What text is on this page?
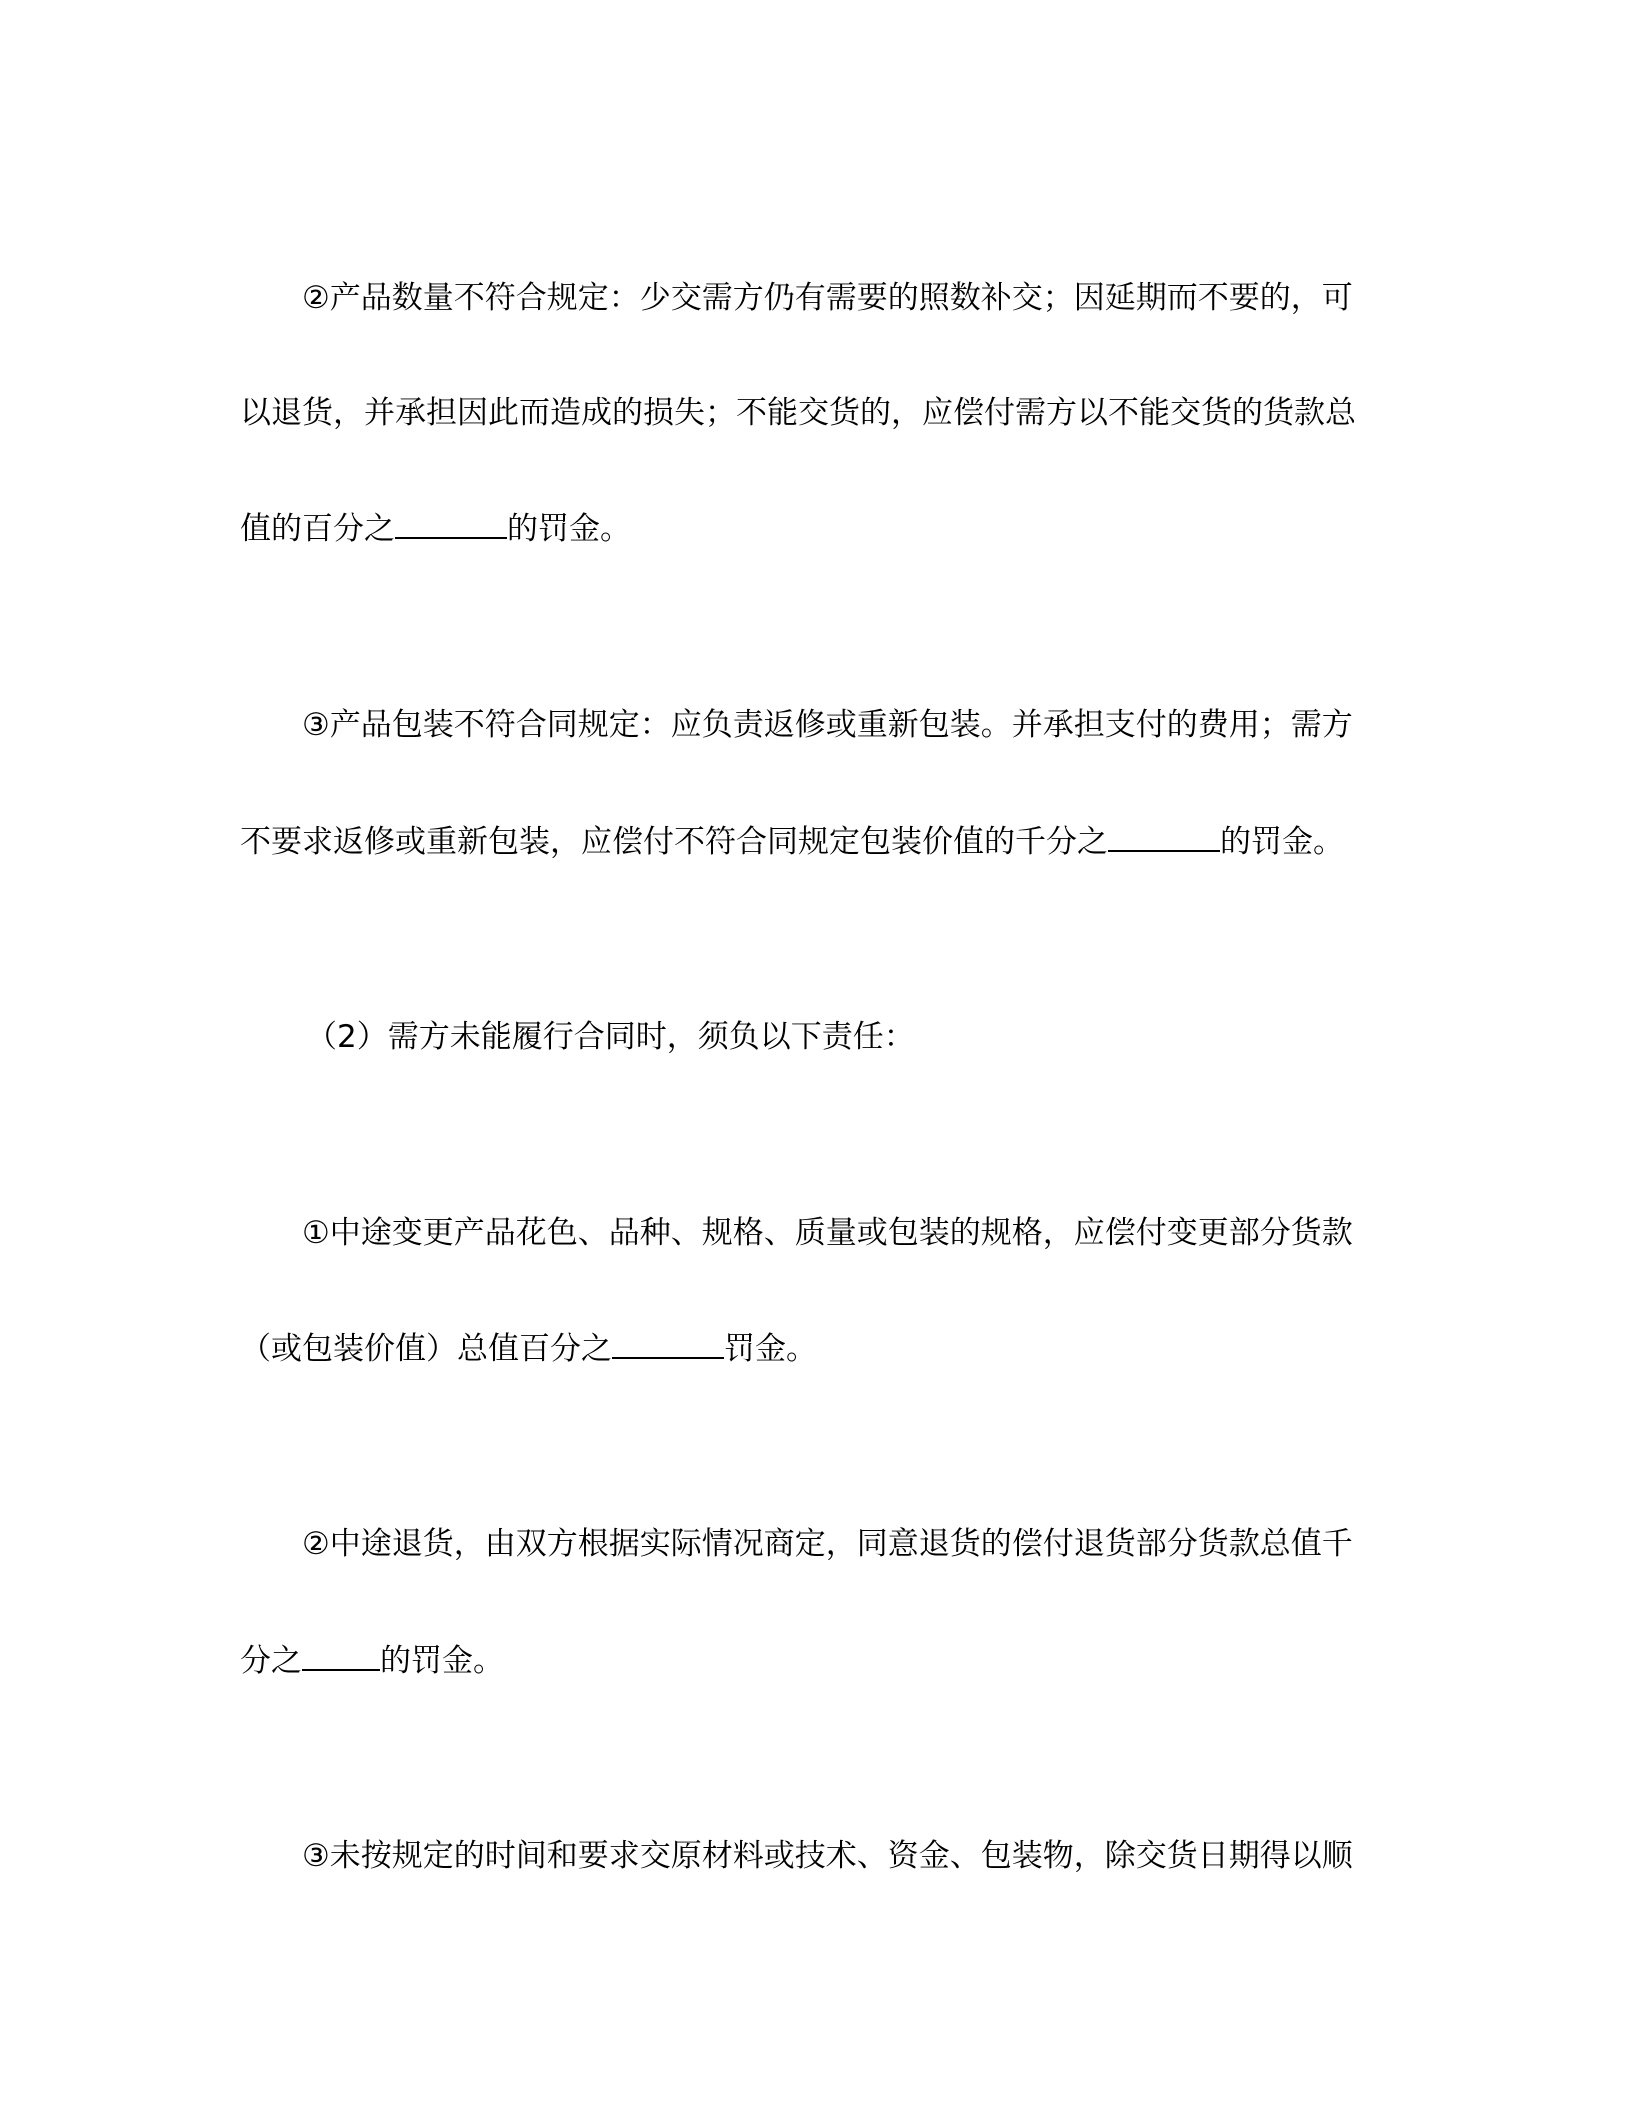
②产品数量不符合规定：少交需方仍有需要的照数补交；因延期而不要的，可
以退货，并承担因此而造成的损失；不能交货的，应偿付需方以不能交货的货款总
值的百分之	的罚金。
③产品包装不符合同规定：应负责返修或重新包装。并承担支付的费用；需方
不要求返修或重新包装，应偿付不符合同规定包装价值的千分之	的罚金。
（2）需方未能履行合同时，须负以下责任：
①中途变更产品花色、品种、规格、质量或包装的规格，应偿付变更部分货款
（或包装价值）总值百分之	罚金。
②中途退货，由双方根据实际情况商定，同意退货的偿付退货部分货款总值千
分之	的罚金。
③未按规定的时间和要求交原材料或技术、资金、包装物，除交货日期得以顺
